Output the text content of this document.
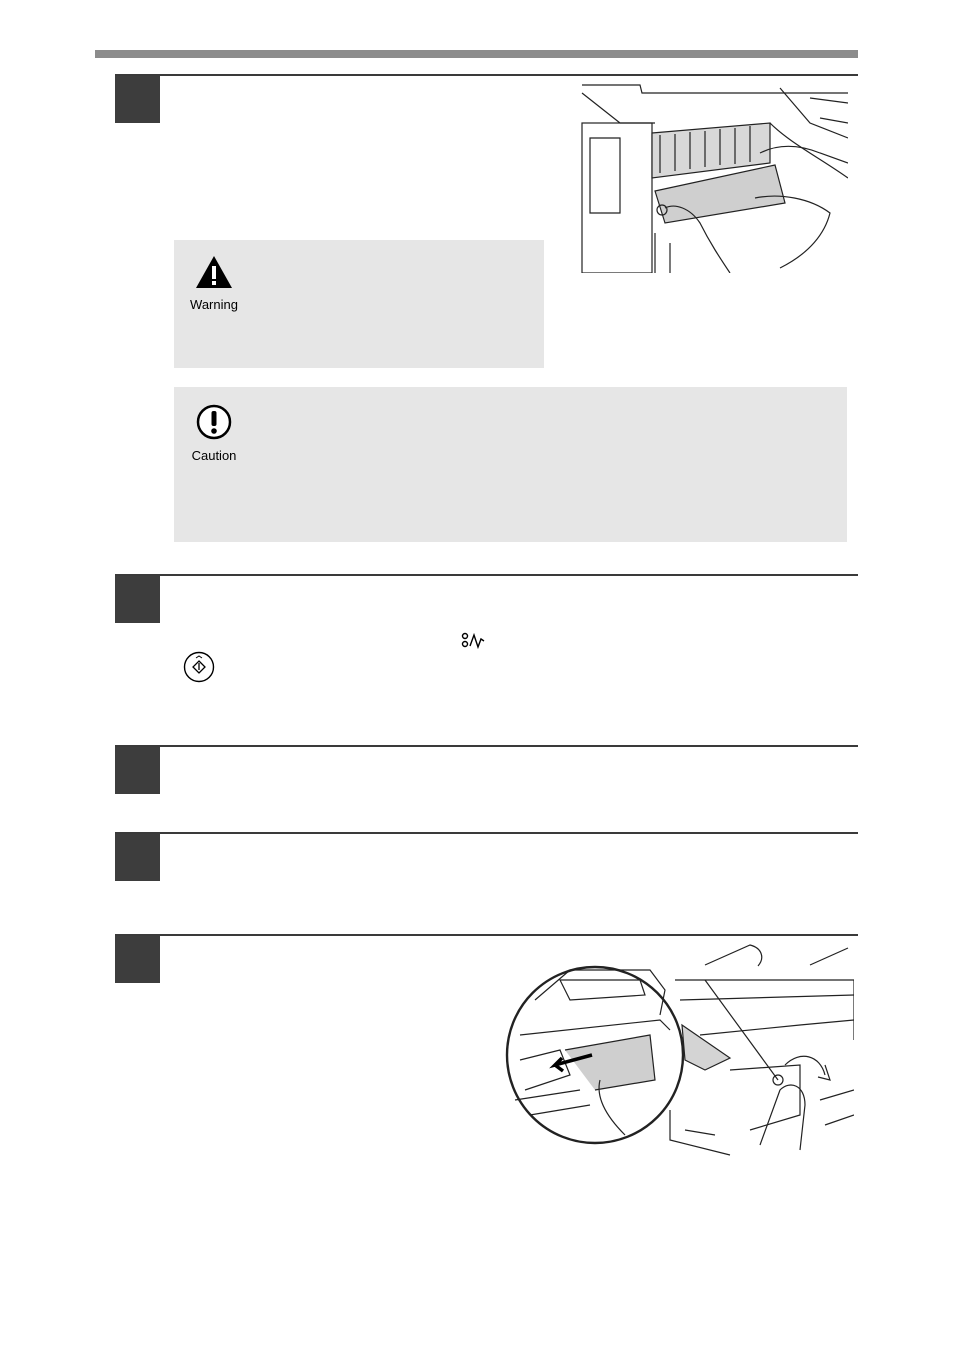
Warning
Caution
